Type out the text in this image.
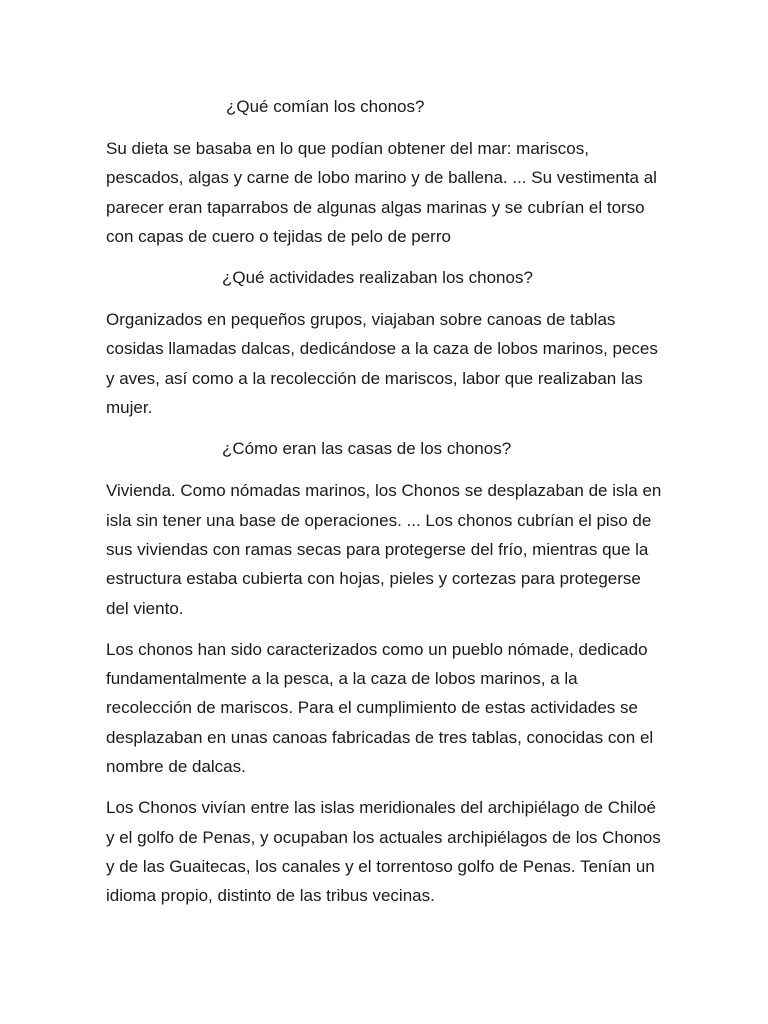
¿Qué comían los chonos?
Su dieta se basaba en lo que podían obtener del mar: mariscos, pescados, algas y carne de lobo marino y de ballena. ... Su vestimenta al parecer eran taparrabos de algunas algas marinas y se cubrían el torso con capas de cuero o tejidas de pelo de perro
¿Qué actividades realizaban los chonos?
Organizados en pequeños grupos, viajaban sobre canoas de tablas cosidas llamadas dalcas, dedicándose a la caza de lobos marinos, peces y aves, así como a la recolección de mariscos, labor que realizaban las mujer.
¿Cómo eran las casas de los chonos?
Vivienda. Como nómadas marinos, los Chonos se desplazaban de isla en isla sin tener una base de operaciones. ... Los chonos cubrían el piso de sus viviendas con ramas secas para protegerse del frío, mientras que la estructura estaba cubierta con hojas, pieles y cortezas para protegerse del viento.
Los chonos han sido caracterizados como un pueblo nómade, dedicado fundamentalmente a la pesca, a la caza de lobos marinos, a la recolección de mariscos. Para el cumplimiento de estas actividades se desplazaban en unas canoas fabricadas de tres tablas, conocidas con el nombre de dalcas.
Los Chonos vivían entre las islas meridionales del archipiélago de Chiloé y el golfo de Penas, y ocupaban los actuales archipiélagos de los Chonos y de las Guaitecas, los canales y el torrentoso golfo de Penas. Tenían un idioma propio, distinto de las tribus vecinas.
